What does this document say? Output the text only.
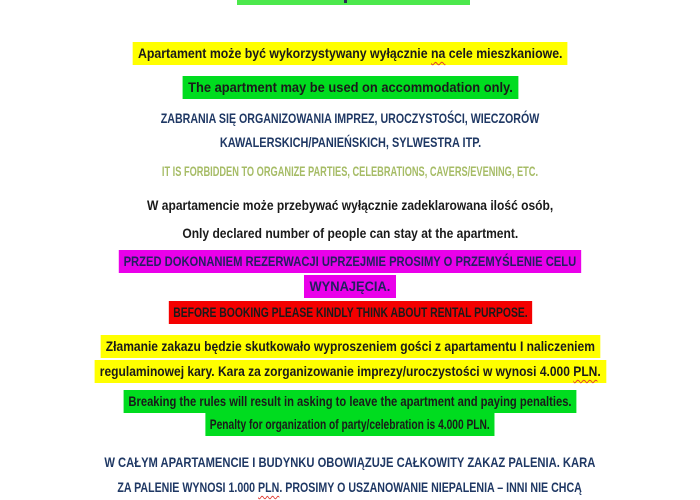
Apartament może być wykorzystywany wyłącznie na cele mieszkaniowe.
The apartment may be used on accommodation only.
ZABRANIA SIĘ ORGANIZOWANIA IMPREZ, UROCZYSTOŚCI, WIECZORÓW
KAWALERSKICH/PANIEŃSKICH, SYLWESTRA ITP.
IT IS FORBIDDEN TO ORGANIZE PARTIES, CELEBRATIONS, CAVERS/EVENING, ETC.
W apartamencie może przebywać wyłącznie zadeklarowana ilość osób,
Only declared number of people can stay at the apartment.
PRZED DOKONANIEM REZERWACJI UPRZEJMIE PROSIMY O PRZEMYŚLENIE CELU
WYNAJĘCIA.
BEFORE BOOKING PLEASE KINDLY THINK ABOUT RENTAL PURPOSE.
Złamanie zakazu będzie skutkowało wyproszeniem gości z apartamentu I naliczeniem
regulaminowej kary. Kara za zorganizowanie imprezy/uroczystości w wynosi 4.000 PLN.
Breaking the rules will result in asking to leave the apartment and paying penalties.
Penalty for organization of party/celebration is 4.000 PLN.
W CAŁYM APARTAMENCIE I BUDYNKU OBOWIĄZUJE CAŁKOWITY ZAKAZ PALENIA. KARA
ZA PALENIE WYNOSI 1.000 PLN. PROSIMY O USZANOWANIE NIEPALENIA – INNI NIE CHCĄ
